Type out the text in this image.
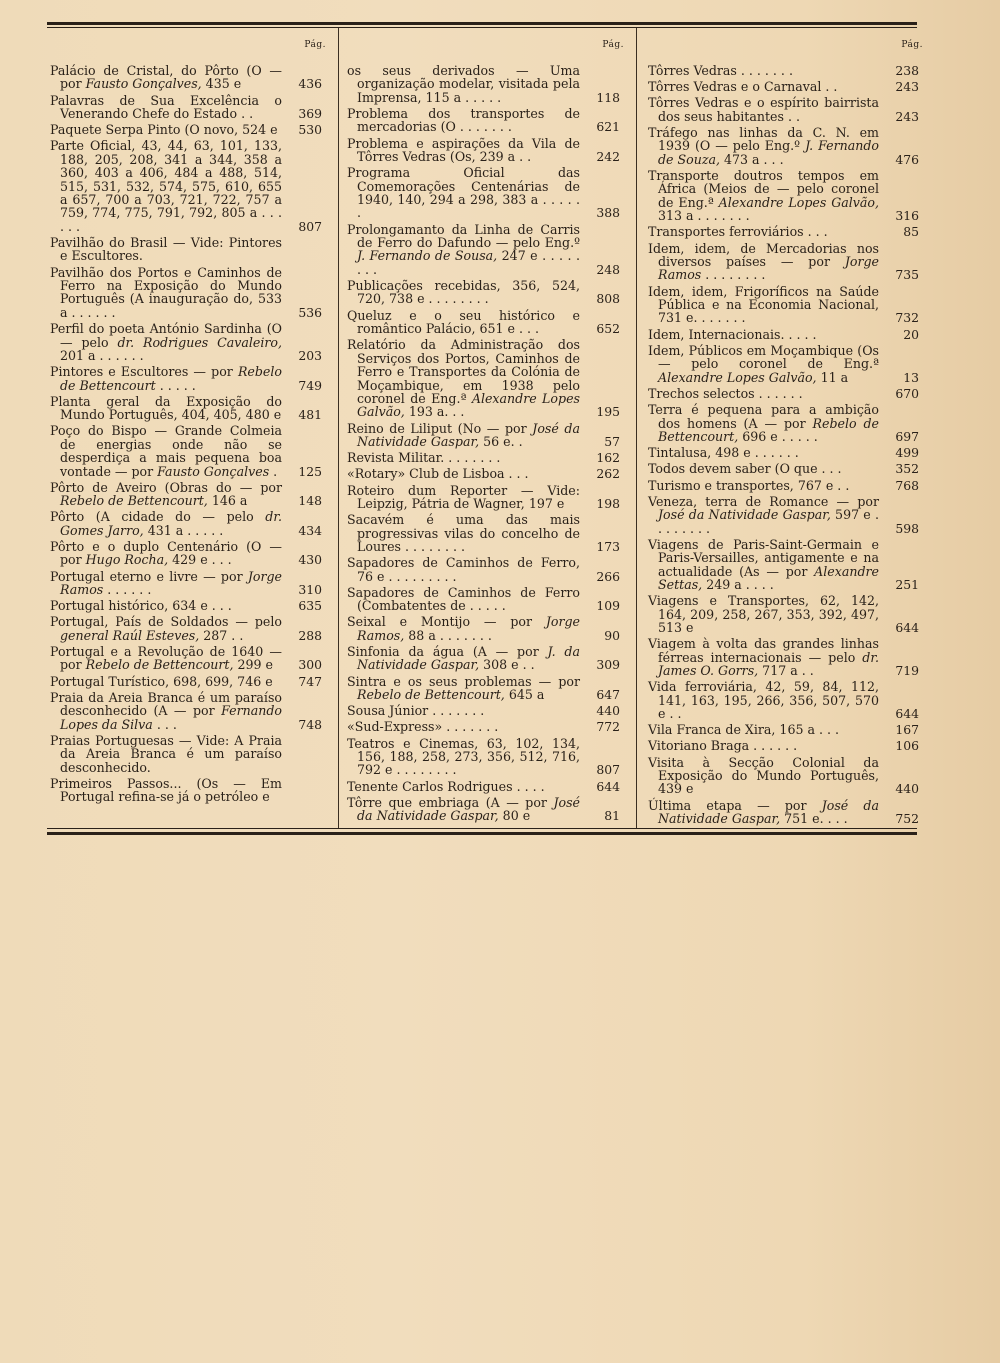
Pág.
Palácio de Cristal, do Pôrto (O — por Fausto Gonçalves, 435 e	436
Palavras de Sua Excelência o Venerando Chefe do Estado . .	369
Paquete Serpa Pinto (O novo, 524 e 530
Parte Oficial, 43, 44, 63, 101, 133, 188, 205, 208, 341 a 344, 358 a 360, 403 a 406, 484 a 488, 514, 515, 531, 532, 574, 575, 610, 655 a 657, 700 a 703, 721, 722, 757 a 759, 774, 775, 791, 792, 805 a . . . . . .	807
Pavilhão do Brasil — Vide: Pintores e Escultores.
Pavilhão dos Portos e Caminhos de Ferro na Exposição do Mundo Português (A inauguração do, 533 a . . . . . .	536
Perfil do poeta António Sardinha (O — pelo dr. Rodrigues Cavaleiro, 201 a . . . . . .	203
Pintores e Escultores — por Rebelo de Bettencourt . . . . .	749
Planta geral da Exposição do Mundo Português, 404, 405, 480 e 481
Poço do Bispo — Grande Colmeia de energias onde não se desperdiça a mais pequena boa vontade — por Fausto Gonçalves . 125
Pôrto de Aveiro (Obras do — por Rebelo de Bettencourt, 146 a	148
Pôrto (A cidade do — pelo dr. Gomes Jarro, 431 a . . . . .	434
Pôrto e o duplo Centenário (O — por Hugo Rocha, 429 e . . .	430
Portugal eterno e livre — por Jorge Ramos . . . . . .	310
Portugal histórico, 634 e . . .	635
Portugal, País de Soldados — pelo general Raúl Esteves, 287 . .	288
Portugal e a Revolução de 1640 — por Rebelo de Bettencourt, 299 e 300
Portugal Turístico, 698, 699, 746 e 747
Praia da Areia Branca é um paraíso desconhecido (A — por Fernando Lopes da Silva . . .	748
Praias Portuguesas — Vide: A Praia da Areia Branca é um paraíso desconhecido.
Primeiros Passos... (Os — Em Portugal refina-se já o petróleo e
Pág.
os seus derivados — Uma organização modelar, visitada pela Imprensa, 115 a . . . . .	118
Problema dos transportes de mercadorias (O . . . . . . .	621
Problema e aspirações da Vila de Tôrres Vedras (Os, 239 a . .	242
Programa Oficial das Comemorações Centenárias de 1940, 140, 294 a 298, 383 a . . . . . .	388
Prolongamanto da Linha de Carris de Ferro do Dafundo — pelo Eng.º J. Fernando de Sousa, 247 e . . . . . . . .	248
Publicações recebidas, 356, 524, 720, 738 e . . . . . . . .	808
Queluz e o seu histórico e romântico Palácio, 651 e . . .	652
Relatório da Administração dos Serviços dos Portos, Caminhos de Ferro e Transportes da Colónia de Moçambique, em 1938 pelo coronel de Eng.ª Alexandre Lopes Galvão, 193 a. . .	195
Reino de Liliput (No — por José da Natividade Gaspar, 56 e. .	57
Revista Militar. . . . . . . .	162
«Rotary» Club de Lisboa . . .	262
Roteiro dum Reporter — Vide: Leipzig, Pátria de Wagner, 197 e	198
Sacavém é uma das mais progressivas vilas do concelho de Loures . . . . . . . .	173
Sapadores de Caminhos de Ferro, 76 e . . . . . . . . .	266
Sapadores de Caminhos de Ferro (Combatentes de . . . . .	109
Seixal e Montijo — por Jorge Ramos, 88 a . . . . . . .	90
Sinfonia da água (A — por J. da Natividade Gaspar, 308 e . .	309
Sintra e os seus problemas — por Rebelo de Bettencourt, 645 a	647
Sousa Júnior . . . . . . .	440
«Sud-Express» . . . . . . .	772
Teatros e Cinemas, 63, 102, 134, 156, 188, 258, 273, 356, 512, 716, 792 e . . . . . . . .	807
Tenente Carlos Rodrigues . . . .	644
Tôrre que embriaga (A — por José da Natividade Gaspar, 80 e	81
Pág.
Tôrres Vedras . . . . . . .	238
Tôrres Vedras e o Carnaval . .	243
Tôrres Vedras e o espírito bairrista dos seus habitantes . .	243
Tráfego nas linhas da C. N. em 1939 (O — pelo Eng.º J. Fernando de Souza, 473 a . . .	476
Transporte doutros tempos em África (Meios de — pelo coronel de Eng.ª Alexandre Lopes Galvão, 313 a . . . . . . .	316
Transportes ferroviários . . .	85
Idem, idem, de Mercadorias nos diversos países — por Jorge Ramos . . . . . . . .	735
Idem, idem, Frigoríficos na Saúde Pública e na Economia Nacional, 731 e. . . . . . .	732
Idem, Internacionais. . . . .	20
Idem, Públicos em Moçambique (Os — pelo coronel de Eng.ª Alexandre Lopes Galvão, 11 a	13
Trechos selectos . . . . . .	670
Terra é pequena para a ambição dos homens (A — por Rebelo de Bettencourt, 696 e . . . . .	697
Tintalusa, 498 e . . . . . .	499
Todos devem saber (O que . . .	352
Turismo e transportes, 767 e . .	768
Veneza, terra de Romance — por José da Natividade Gaspar, 597 e . . . . . . . .	598
Viagens de Paris-Saint-Germain e Paris-Versailles, antigamente e na actualidade (As — por Alexandre Settas, 249 a . . . .	251
Viagens e Transportes, 62, 142, 164, 209, 258, 267, 353, 392, 497, 513 e	644
Viagem à volta das grandes linhas férreas internacionais — pelo dr. James O. Gorrs, 717 a . .	719
Vida ferroviária, 42, 59, 84, 112, 141, 163, 195, 266, 356, 507, 570 e . .	644
Vila Franca de Xira, 165 a . . .	167
Vitoriano Braga . . . . . .	106
Visita à Secção Colonial da Exposição do Mundo Português, 439 e	440
Última etapa — por José da Natividade Gaspar, 751 e. . . .	752
